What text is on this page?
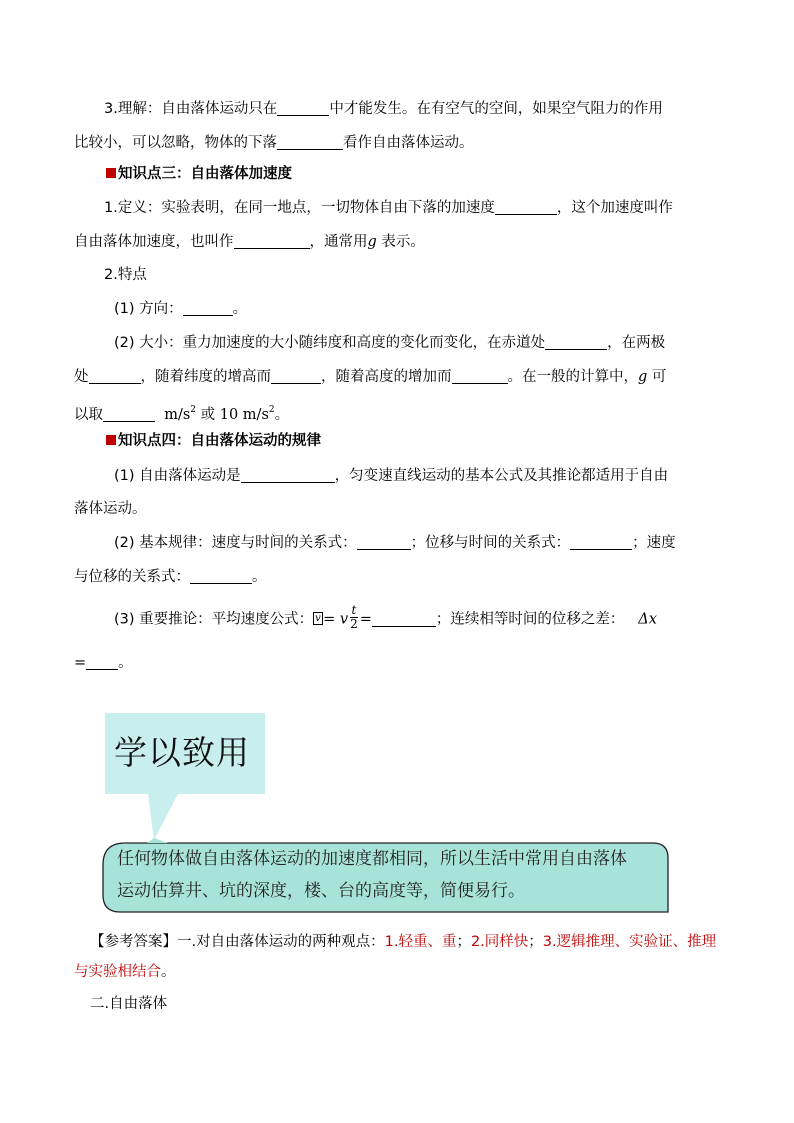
3.理解：自由落体运动只在	中才能发生。在有空气的空间，如果空气阻力的作用
比较小，可以忽略，物体的下落	看作自由落体运动。
知识点三：自由落体加速度
1.定义：实验表明，在同一地点，一切物体自由下落的加速度	，这个加速度叫作
自由落体加速度，也叫作	，通常用g 表示。
2.特点
(1) 方向：	。
(2) 大小：重力加速度的大小随纬度和高度的变化而变化，在赤道处	，在两极
处	，随着纬度的增高而	，随着高度的增加而	。在一般的计算中，g 可
以取	$m/s^2$ 或 10 $m/s^2$。
知识点四：自由落体运动的规律
(1) 自由落体运动是	，匀变速直线运动的基本公式及其推论都适用于自由
落体运动。
(2) 基本规律：速度与时间的关系式：	；位移与时间的关系式：	；速度
与位移的关系式：	。
(3) 重要推论：平均速度公式：v = v $\frac{t}{2}$ =	；连续相等时间的位移之差： Δx
= 。
学以致用
任何物体做自由落体运动的加速度都相同，所以生活中常用自由落体
运动估算井、坑的深度，楼、台的高度等，简便易行。
【参考答案】一.对自由落体运动的两种观点：1.轻重、重；2.同样快；3.逻辑推理、实验证、推理
与实验相结合。
二.自由落体
